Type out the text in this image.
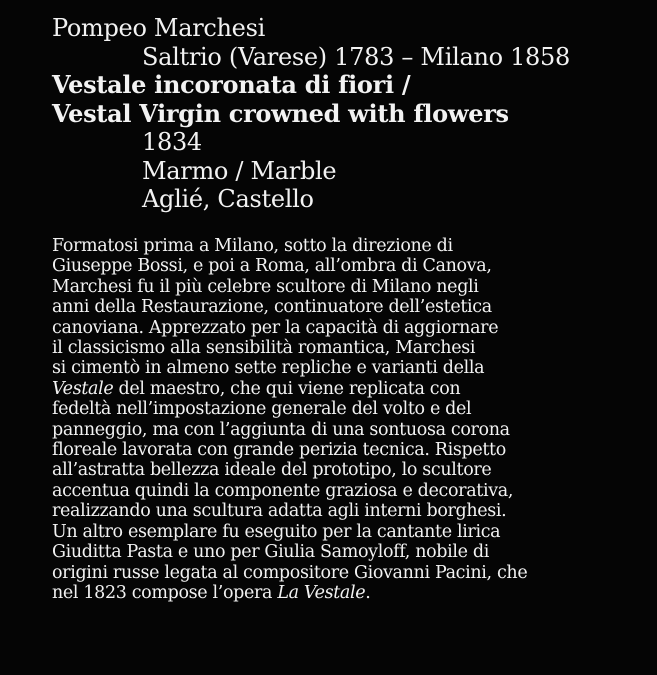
Pompeo Marchesi
Saltrio (Varese) 1783 – Milano 1858
Vestale incoronata di fiori /
Vestal Virgin crowned with flowers
1834
Marmo / Marble
Aglié, Castello
Formatosi prima a Milano, sotto la direzione di
Giuseppe Bossi, e poi a Roma, all’ombra di Canova,
Marchesi fu il più celebre scultore di Milano negli
anni della Restaurazione, continuatore dell’estetica
canoviana. Apprezzato per la capacità di aggiornare
il classicismo alla sensibilità romantica, Marchesi
si cimentò in almeno sette repliche e varianti della
Vestale del maestro, che qui viene replicata con
fedeltà nell’impostazione generale del volto e del
panneggio, ma con l’aggiunta di una sontuosa corona
floreale lavorata con grande perizia tecnica. Rispetto
all’astratta bellezza ideale del prototipo, lo scultore
accentua quindi la componente graziosa e decorativa,
realizzando una scultura adatta agli interni borghesi.
Un altro esemplare fu eseguito per la cantante lirica
Giuditta Pasta e uno per Giulia Samoyloff, nobile di
origini russe legata al compositore Giovanni Pacini, che
nel 1823 compose l’opera La Vestale.
